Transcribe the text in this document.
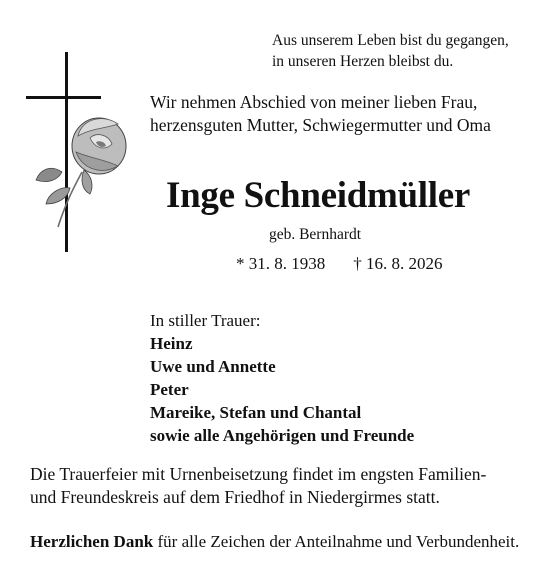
Aus unserem Leben bist du gegangen,
in unseren Herzen bleibst du.
Wir nehmen Abschied von meiner lieben Frau,
herzensguten Mutter, Schwiegermutter und Oma
Inge Schneidmüller
geb. Bernhardt
* 31. 8. 1938 † 16. 8. 2026
In stiller Trauer:
Heinz
Uwe und Annette
Peter
Mareike, Stefan und Chantal
sowie alle Angehörigen und Freunde
Die Trauerfeier mit Urnenbeisetzung findet im engsten Familien-
und Freundeskreis auf dem Friedhof in Niedergirmes statt.
Herzlichen Dank für alle Zeichen der Anteilnahme und Verbundenheit.
